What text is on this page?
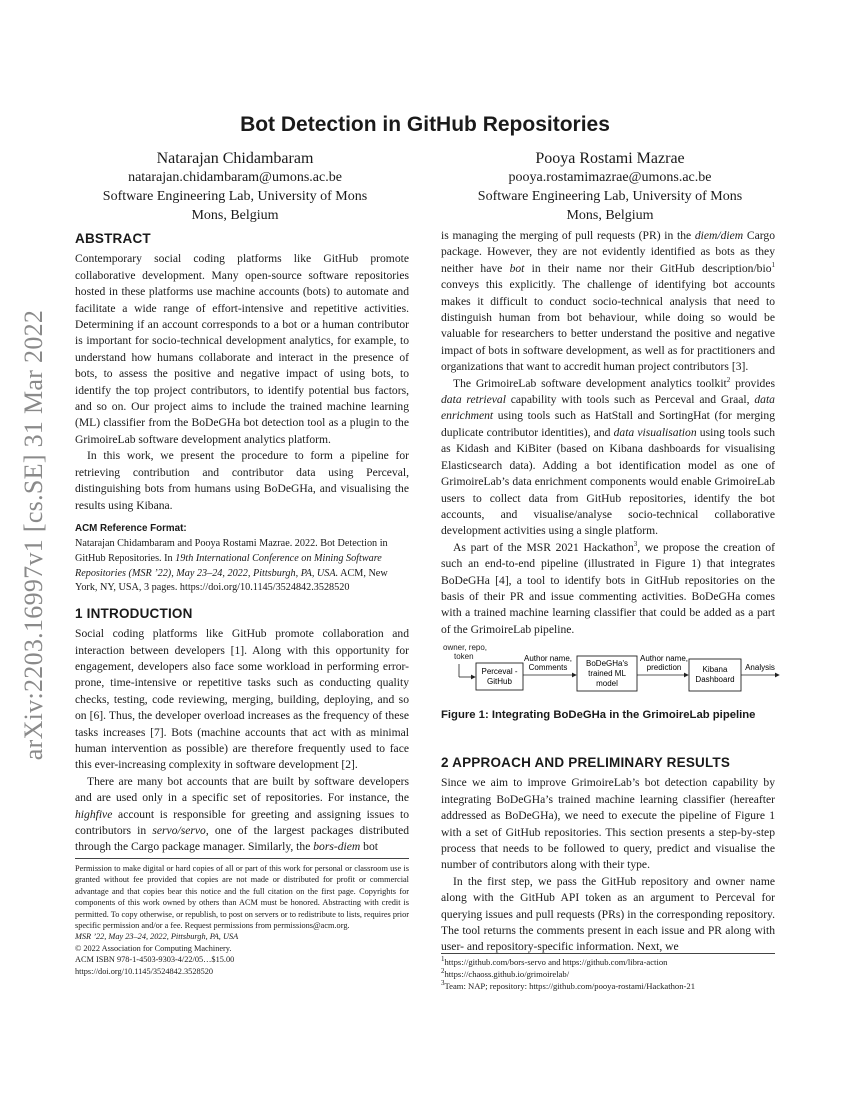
arXiv:2203.16997v1 [cs.SE] 31 Mar 2022
Bot Detection in GitHub Repositories
Natarajan Chidambaram
natarajan.chidambaram@umons.ac.be
Software Engineering Lab, University of Mons
Mons, Belgium
Pooya Rostami Mazrae
pooya.rostamimazrae@umons.ac.be
Software Engineering Lab, University of Mons
Mons, Belgium
ABSTRACT

Contemporary social coding platforms like GitHub promote collaborative development. Many open-source software repositories hosted in these platforms use machine accounts (bots) to automate and facilitate a wide range of effort-intensive and repetitive activities. Determining if an account corresponds to a bot or a human contributor is important for socio-technical development analytics, for example, to understand how humans collaborate and interact in the presence of bots, to assess the positive and negative impact of using bots, to identify the top project contributors, to identify potential bus factors, and so on. Our project aims to include the trained machine learning (ML) classifier from the BoDeGHa bot detection tool as a plugin to the GrimoireLab software development analytics platform.

In this work, we present the procedure to form a pipeline for retrieving contribution and contributor data using Perceval, distinguishing bots from humans using BoDeGHa, and visualising the results using Kibana.

ACM Reference Format:
Natarajan Chidambaram and Pooya Rostami Mazrae. 2022. Bot Detection in GitHub Repositories. In 19th International Conference on Mining Software Repositories (MSR ’22), May 23–24, 2022, Pittsburgh, PA, USA. ACM, New York, NY, USA, 3 pages. https://doi.org/10.1145/3524842.3528520
1 INTRODUCTION

Social coding platforms like GitHub promote collaboration and interaction between developers [1]. Along with this opportunity for engagement, developers also face some workload in performing error-prone, time-intensive or repetitive tasks such as conducting quality checks, testing, code reviewing, merging, building, deploying, and so on [6]. Thus, the developer overload increases as the frequency of these tasks increases [7]. Bots (machine accounts that act with as minimal human intervention as possible) are therefore frequently used to face this ever-increasing complexity in software development [2].

There are many bot accounts that are built by software developers and are used only in a specific set of repositories. For instance, the highfive account is responsible for greeting and assigning issues to contributors in servo/servo, one of the largest packages distributed through the Cargo package manager. Similarly, the bors-diem bot

Permission to make digital or hard copies of all or part of this work for personal or classroom use is granted without fee provided that copies are not made or distributed for profit or commercial advantage and that copies bear this notice and the full citation on the first page. Copyrights for components of this work owned by others than ACM must be honored. Abstracting with credit is permitted. To copy otherwise, or republish, to post on servers or to redistribute to lists, requires prior specific permission and/or a fee. Request permissions from permissions@acm.org.

MSR ’22, May 23–24, 2022, Pittsburgh, PA, USA

© 2022 Association for Computing Machinery.

ACM ISBN 978-1-4503-9303-4/22/05…$15.00

https://doi.org/10.1145/3524842.3528520

is managing the merging of pull requests (PR) in the diem/diem Cargo package. However, they are not evidently identified as bots as they neither have bot in their name nor their GitHub description/bio$^1$ conveys this explicitly. The challenge of identifying bot accounts makes it difficult to conduct socio-technical analysis that need to distinguish human from bot behaviour, while doing so would be valuable for researchers to better understand the positive and negative impact of bots in software development, as well as for practitioners and organizations that want to accredit human project contributors [3].

The GrimoireLab software development analytics toolkit$^2$ provides data retrieval capability with tools such as Perceval and Graal, data enrichment using tools such as HatStall and SortingHat (for merging duplicate contributor identities), and data visualisation using tools such as Kidash and KiBiter (based on Kibana dashboards for visualising Elasticsearch data). Adding a bot identification model as one of GrimoireLab’s data enrichment components would enable GrimoireLab users to collect data from GitHub repositories, identify the bot accounts, and visualise/analyse socio-technical collaborative development activities using a single platform.

As part of the MSR 2021 Hackathon$^3$, we propose the creation of such an end-to-end pipeline (illustrated in Figure 1) that integrates BoDeGHa [4], a tool to identify bots in GitHub repositories on the basis of their PR and issue commenting activities. BoDeGHa comes with a trained machine learning classifier that could be added as a part of the GrimoireLab pipeline.

owner, repo,
token
Perceval -
GitHub
Author name,
Comments BoDeGHa's
trained ML
model
Author name,
prediction	Kibana
Dashboard
Analysis
Figure 1: Integrating BoDeGHa in the GrimoireLab pipeline
2 APPROACH AND PRELIMINARY RESULTS

Since we aim to improve GrimoireLab’s bot detection capability by integrating BoDeGHa’s trained machine learning classifier (hereafter addressed as BoDeGHa), we need to execute the pipeline of Figure 1 with a set of GitHub repositories. This section presents a step-by-step process that needs to be followed to query, predict and visualise the number of contributors along with their type.

In the first step, we pass the GitHub repository and owner name along with the GitHub API token as an argument to Perceval for querying issues and pull requests (PRs) in the corresponding repository. The tool returns the comments present in each issue and PR along with user- and repository-specific information. Next, we

$^1$https://github.com/bors-servo and https://github.com/libra-action
$^2$https://chaoss.github.io/grimoirelab/
$^3$Team: NAP; repository: https://github.com/pooya-rostami/Hackathon-21
